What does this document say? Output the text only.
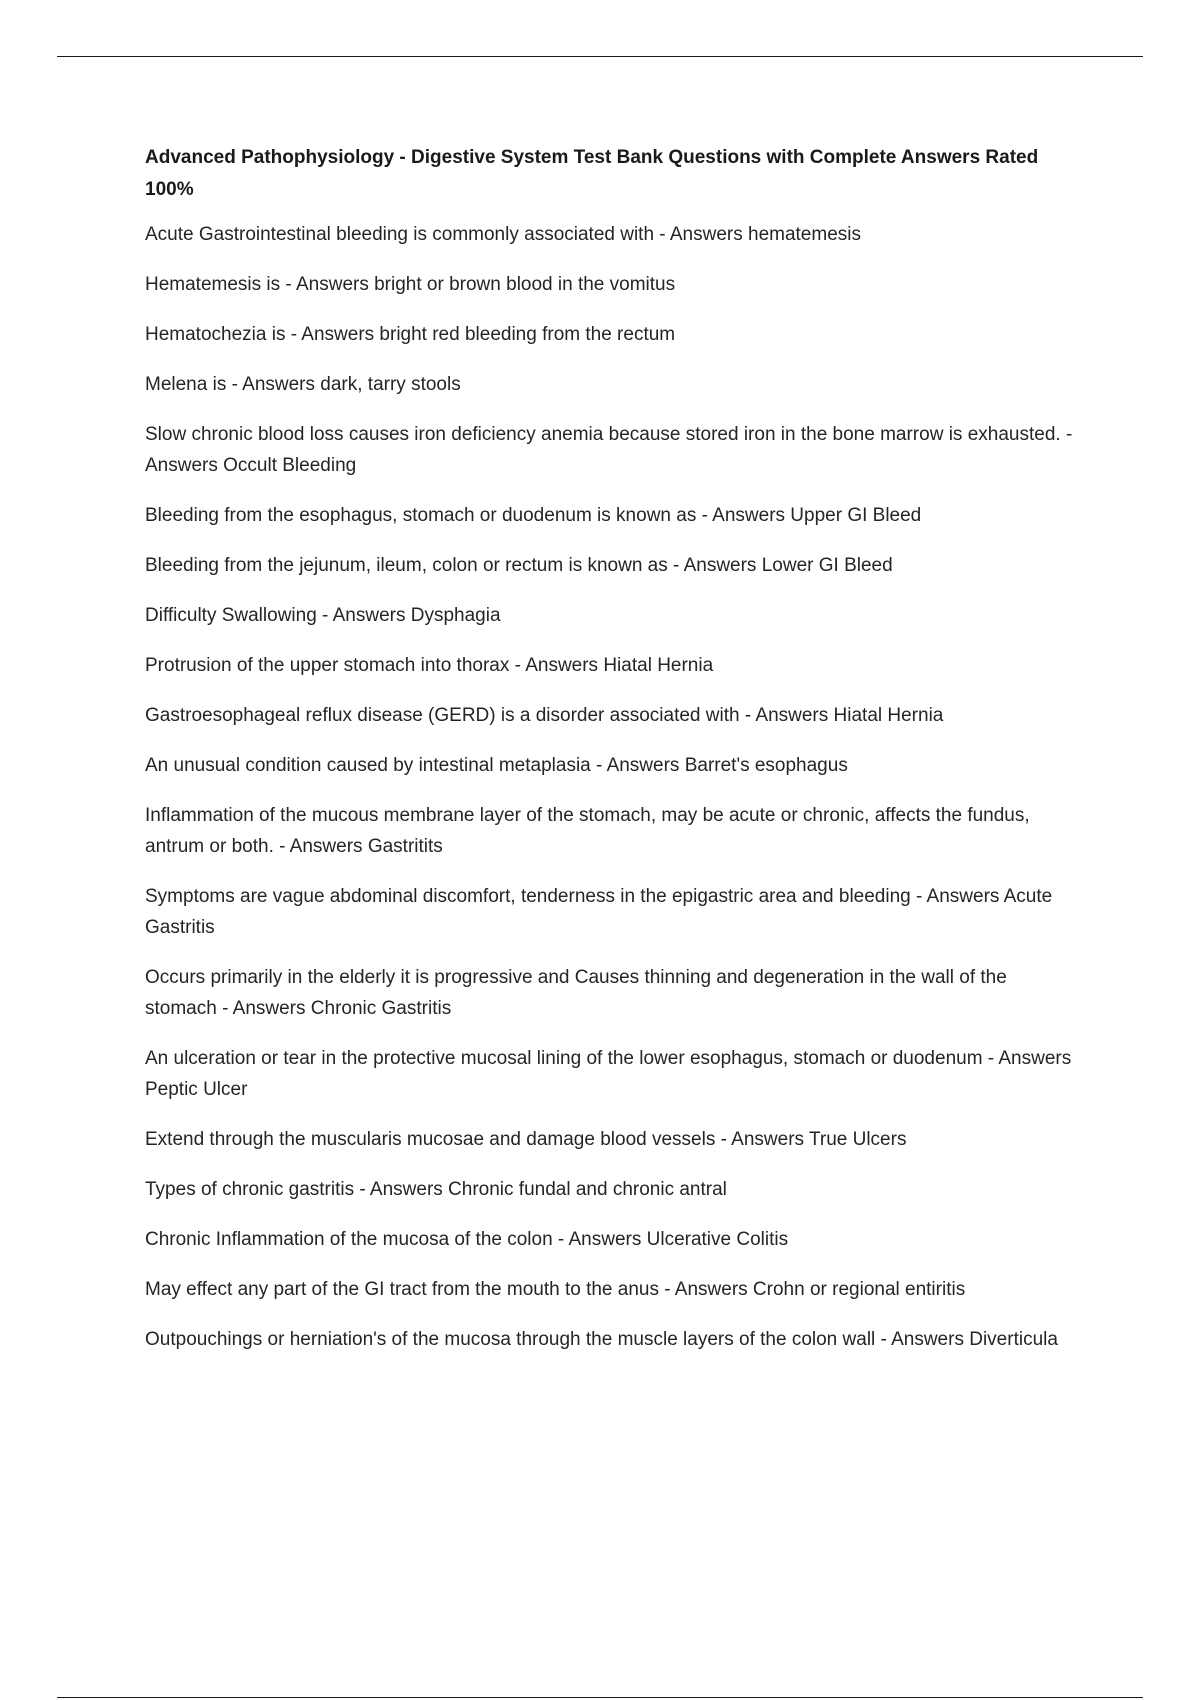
Advanced Pathophysiology - Digestive System Test Bank Questions with Complete Answers Rated 100%
Acute Gastrointestinal bleeding is commonly associated with - Answers hematemesis
Hematemesis is - Answers bright or brown blood in the vomitus
Hematochezia is - Answers bright red bleeding from the rectum
Melena is - Answers dark, tarry stools
Slow chronic blood loss causes iron deficiency anemia because stored iron in the bone marrow is exhausted. - Answers Occult Bleeding
Bleeding from the esophagus, stomach or duodenum is known as - Answers Upper GI Bleed
Bleeding from the jejunum, ileum, colon or rectum is known as - Answers Lower GI Bleed
Difficulty Swallowing - Answers Dysphagia
Protrusion of the upper stomach into thorax - Answers Hiatal Hernia
Gastroesophageal reflux disease (GERD) is a disorder associated with - Answers Hiatal Hernia
An unusual condition caused by intestinal metaplasia - Answers Barret's esophagus
Inflammation of the mucous membrane layer of the stomach, may be acute or chronic, affects the fundus, antrum or both. - Answers Gastritits
Symptoms are vague abdominal discomfort, tenderness in the epigastric area and bleeding - Answers Acute Gastritis
Occurs primarily in the elderly it is progressive and Causes thinning and degeneration in the wall of the stomach - Answers Chronic Gastritis
An ulceration or tear in the protective mucosal lining of the lower esophagus, stomach or duodenum - Answers Peptic Ulcer
Extend through the muscularis mucosae and damage blood vessels - Answers True Ulcers
Types of chronic gastritis - Answers Chronic fundal and chronic antral
Chronic Inflammation of the mucosa of the colon - Answers Ulcerative Colitis
May effect any part of the GI tract from the mouth to the anus - Answers Crohn or regional entiritis
Outpouchings or herniation's of the mucosa through the muscle layers of the colon wall - Answers Diverticula
